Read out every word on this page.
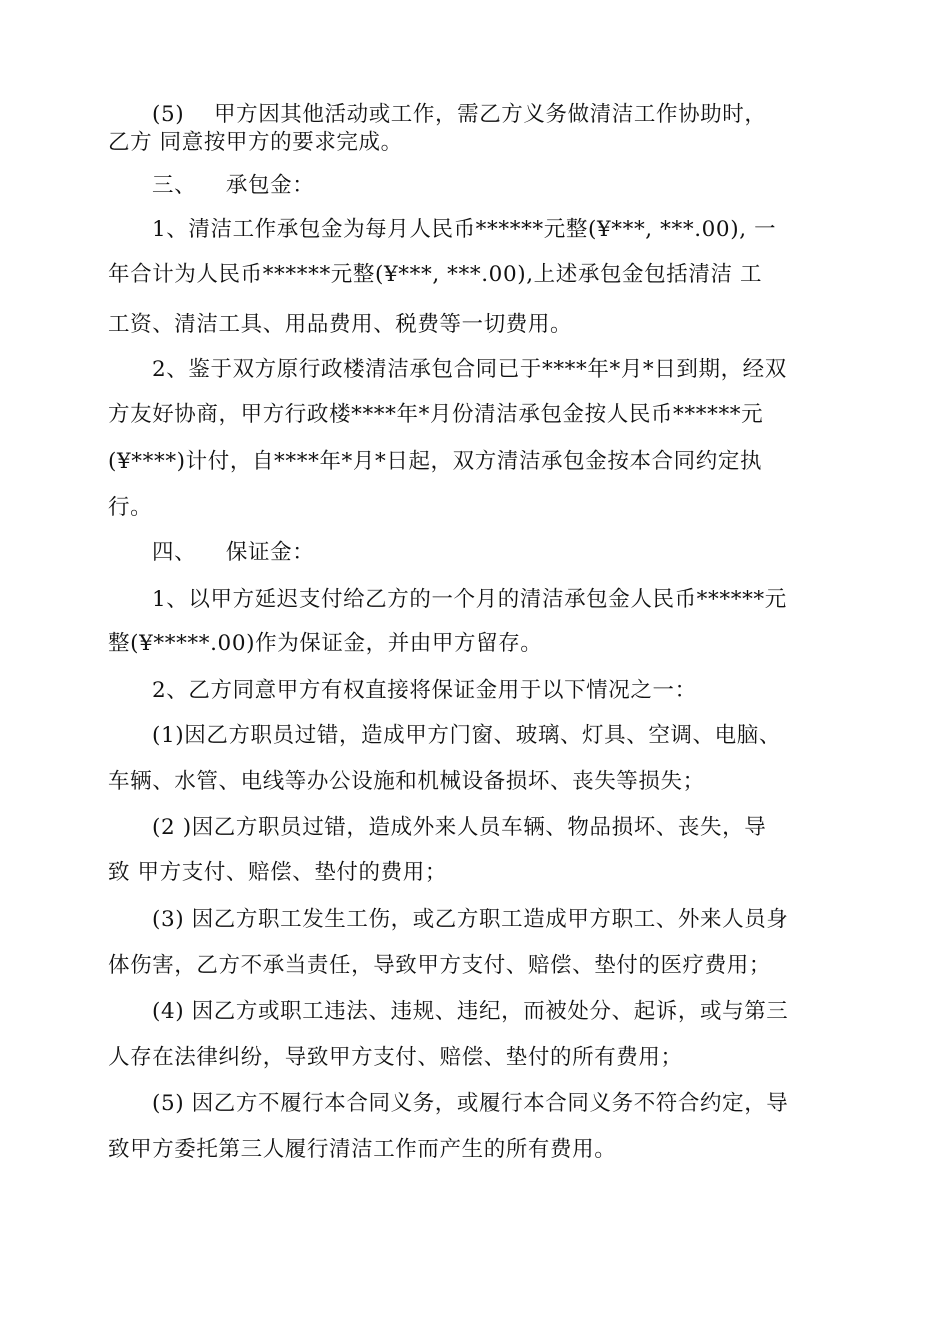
(5)    甲方因其他活动或工作，需乙方义务做清洁工作协助时，
乙方 同意按甲方的要求完成。
三、    承包金：
1、清洁工作承包金为每月人民币******元整(¥***, ***.00), 一
年合计为人民币******元整(¥***, ***.00),上述承包金包括清洁 工
工资、清洁工具、用品费用、税费等一切费用。
2、鉴于双方原行政楼清洁承包合同已于****年*月*日到期，经双
方友好协商，甲方行政楼****年*月份清洁承包金按人民币******元
(¥****)计付，自****年*月*日起，双方清洁承包金按本合同约定执
行。
四、    保证金：
1、以甲方延迟支付给乙方的一个月的清洁承包金人民币******元
整(¥*****.00)作为保证金，并由甲方留存。
2、乙方同意甲方有权直接将保证金用于以下情况之一：
(1)因乙方职员过错，造成甲方门窗、玻璃、灯具、空调、电脑、
车辆、水管、电线等办公设施和机械设备损坏、丧失等损失；
(2 )因乙方职员过错，造成外来人员车辆、物品损坏、丧失，导
致 甲方支付、赔偿、垫付的费用；
(3) 因乙方职工发生工伤，或乙方职工造成甲方职工、外来人员身
体伤害，乙方不承当责任，导致甲方支付、赔偿、垫付的医疗费用；
(4) 因乙方或职工违法、违规、违纪，而被处分、起诉，或与第三
人存在法律纠纷，导致甲方支付、赔偿、垫付的所有费用；
(5) 因乙方不履行本合同义务，或履行本合同义务不符合约定，导
致甲方委托第三人履行清洁工作而产生的所有费用。
